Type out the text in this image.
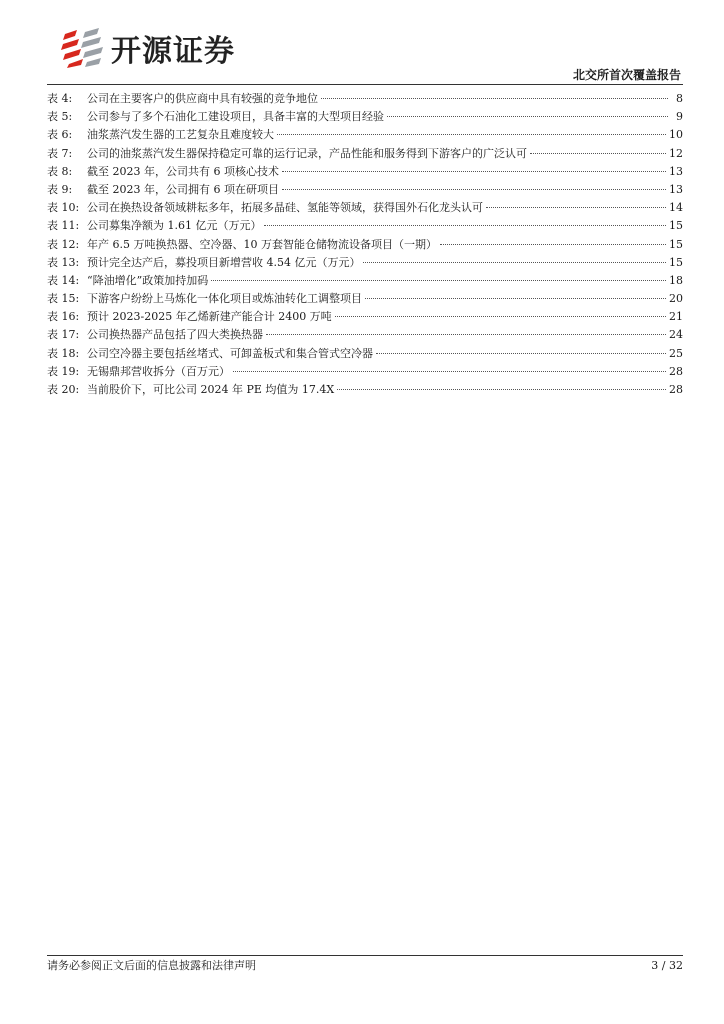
开源证券
北交所首次覆盖报告
表 4:	公司在主要客户的供应商中具有较强的竞争地位	8
表 5:	公司参与了多个石油化工建设项目，具备丰富的大型项目经验	9
表 6:	油浆蒸汽发生器的工艺复杂且难度较大	10
表 7:	公司的油浆蒸汽发生器保持稳定可靠的运行记录，产品性能和服务得到下游客户的广泛认可	12
表 8:	截至 2023 年，公司共有 6 项核心技术	13
表 9:	截至 2023 年，公司拥有 6 项在研项目	13
表 10: 公司在换热设备领域耕耘多年，拓展多晶硅、氢能等领域，获得国外石化龙头认可	14
表 11: 公司募集净额为 1.61 亿元（万元）	15
表 12: 年产 6.5 万吨换热器、空冷器、10 万套智能仓储物流设备项目（一期）	15
表 13: 预计完全达产后，募投项目新增营收 4.54 亿元（万元）	15
表 14: “降油增化”政策加持加码	18
表 15: 下游客户纷纷上马炼化一体化项目或炼油转化工调整项目	20
表 16: 预计 2023-2025 年乙烯新建产能合计 2400 万吨	21
表 17: 公司换热器产品包括了四大类换热器	24
表 18: 公司空冷器主要包括丝堵式、可卸盖板式和集合管式空冷器	25
表 19: 无锡鼎邦营收拆分（百万元）	28
表 20: 当前股价下，可比公司 2024 年 PE 均值为 17.4X	28
请务必参阅正文后面的信息披露和法律声明	3 / 32
